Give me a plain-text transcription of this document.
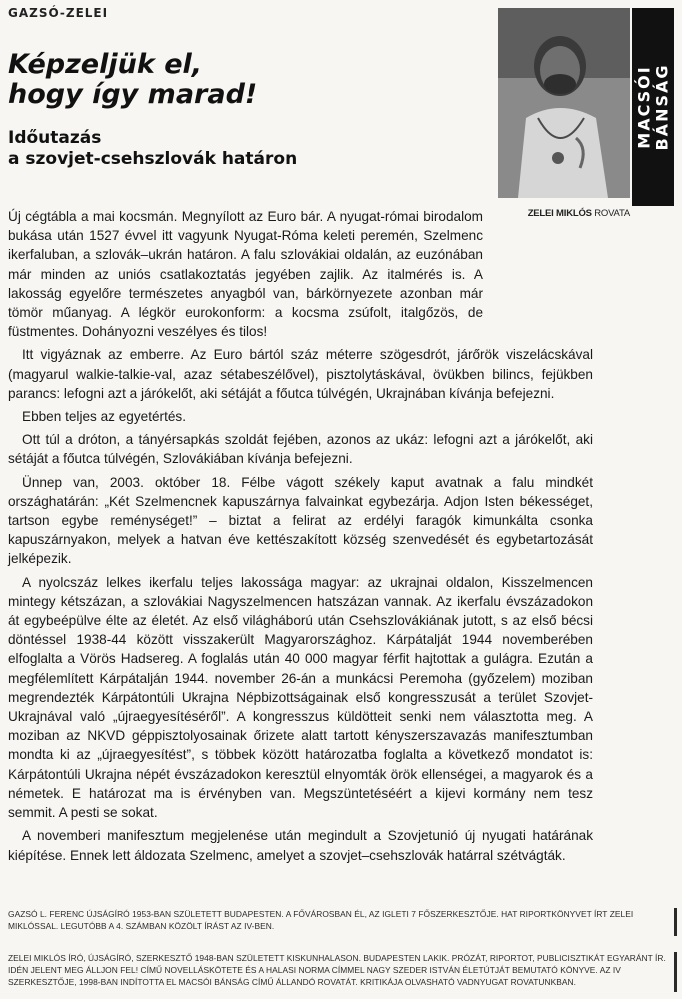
GAZSÓ-ZELEI
Képzeljük el,
hogy így marad!
Időutazás
a szovjet-csehszlovák határon
MACSÓI BÁNSÁG
ZELEI MIKLÓS ROVATA

Új cégtábla a mai kocsmán. Megnyílott az Euro bár. A nyugat-római birodalom bukása után 1527 évvel itt vagyunk Nyugat-Róma keleti peremén, Szelmenc ikerfaluban, a szlovák–ukrán határon. A falu szlovákiai oldalán, az euzónában már minden az uniós csatlakoztatás jegyében zajlik. Az italmérés is. A lakosság egyelőre természetes anyagból van, bárkörnyezete azonban már tömör műanyag. A légkör eurokonform: a kocsma zsúfolt, italgőzös, de füstmentes. Dohányozni veszélyes és tilos!

Itt vigyáznak az emberre. Az Euro bártól száz méterre szögesdrót, járőrök viszelácskával (magyarul walkie-talkie-val, azaz sétabeszélővel), pisztolytáskával, övükben bilincs, fejükben parancs: lefogni azt a járókelőt, aki sétáját a főutca túlvégén, Ukrajnában kívánja befejezni.

Ebben teljes az egyetértés.

Ott túl a dróton, a tányérsapkás szoldát fejében, azonos az ukáz: lefogni azt a járókelőt, aki sétáját a főutca túlvégén, Szlovákiában kívánja befejezni.

Ünnep van, 2003. október 18. Félbe vágott székely kaput avatnak a falu mindkét országhatárán: „Két Szelmencnek kapuszárnya falvainkat egybezárja. Adjon Isten békességet, tartson egybe reménységet!” – biztat a felirat az erdélyi faragók kimunkálta csonka kapuszárnyakon, melyek a hatvan éve kettészakított község szenvedését és egybetartozását jelképezik.

A nyolcszáz lelkes ikerfalu teljes lakossága magyar: az ukrajnai oldalon, Kisszelmencen mintegy kétszázan, a szlovákiai Nagyszelmencen hatszázan vannak. Az ikerfalu évszázadokon át egybeépülve élte az életét. Az első világháború után Csehszlovákiának jutott, s az első bécsi döntéssel 1938-44 között visszakerült Magyarországhoz. Kárpátalját 1944 novemberében elfoglalta a Vörös Hadsereg. A foglalás után 40 000 magyar férfit hajtottak a gulágra. Ezután a megfélemlített Kárpátalján 1944. november 26-án a munkácsi Peremoha (győzelem) moziban megrendezték Kárpátontúli Ukrajna Népbizottságainak első kongresszusát a terület Szovjet-Ukrajnával való „újraegyesítéséről”. A kongresszus küldötteit senki nem választotta meg. A moziban az NKVD géppisztolyosainak őrizete alatt tartott kényszerszavazás manifesztumban mondta ki az „újraegyesítést”, s többek között határozatba foglalta a következő mondatot is: Kárpátontúli Ukrajna népét évszázadokon keresztül elnyomták örök ellenségei, a magyarok és a németek. E határozat ma is érvényben van. Megszüntetéséért a kijevi kormány nem tesz semmit. A pesti se sokat.

A novemberi manifesztum megjelenése után megindult a Szovjetunió új nyugati határának kiépítése. Ennek lett áldozata Szelmenc, amelyet a szovjet–csehszlovák határral szétvágták.

GAZSÓ L. FERENC ÚJSÁGÍRÓ 1953-BAN SZÜLETETT BUDAPESTEN. A FŐVÁROSBAN ÉL, AZ IGLETI 7 FŐSZERKESZTŐJE. HAT RIPORTKÖNYVET ÍRT ZELEI MIKLÓSSAL. LEGUTÓBB A 4. SZÁMBAN KÖZÖLT ÍRÁST AZ IV-BEN.
ZELEI MIKLÓS ÍRÓ, ÚJSÁGÍRÓ, SZERKESZTŐ 1948-BAN SZÜLETETT KISKUNHALASON. BUDAPESTEN LAKIK. PRÓZÁT, RIPORTOT, PUBLICISZTIKÁT EGYARÁNT ÍR. IDÉN JELENT MEG ÁLLJON FEL! CÍMŰ NOVELLÁSKÖTETE ÉS A HALASI NORMA CÍMMEL NAGY SZEDER ISTVÁN ÉLETÚTJÁT BEMUTATÓ KÖNYVE. AZ IV SZERKESZTŐJE, 1998-BAN INDÍTOTTA EL MACSÓI BÁNSÁG CÍMŰ ÁLLANDÓ ROVATÁT. KRITIKÁJA OLVASHATÓ VADNYUGAT ROVATUNKBAN.
